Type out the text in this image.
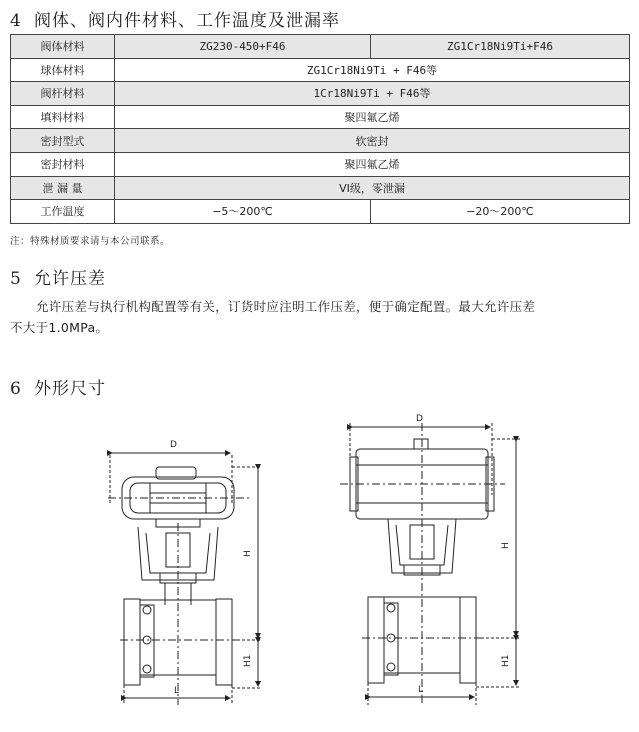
4 阀体、阀内件材料、工作温度及泄漏率
阀体材料	ZG230-450+F46	ZG1Cr18Ni9Ti+F46
球体材料	ZG1Cr18Ni9Ti + F46等	
阀杆材料	1Cr18Ni9Ti + F46等	
填料材料	聚四氟乙烯	
密封型式	软密封	
密封材料	聚四氟乙烯	
泄 漏 量	VI级，零泄漏	
工作温度	−5～200℃	−20～200℃
注：特殊材质要求请与本公司联系。
5 允许压差
允许压差与执行机构配置等有关，订货时应注明工作压差，便于确定配置。最大允许压差
不大于1.0MPa。
6 外形尺寸
D
H
H1
L
D
H
H1
L
